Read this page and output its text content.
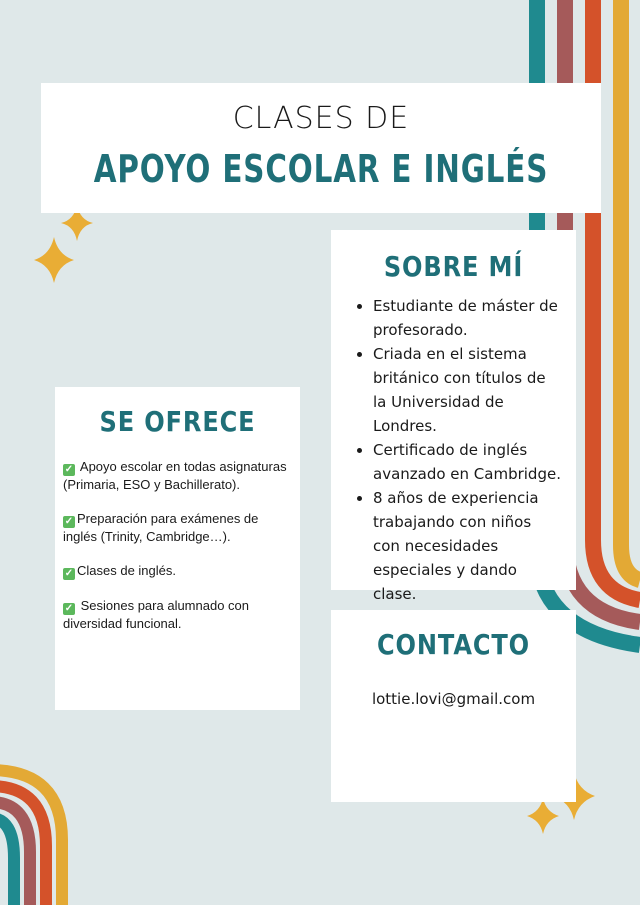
CLASES DE
APOYO ESCOLAR E INGLÉS
SOBRE MÍ
• Estudiante de máster de profesorado.
• Criada en el sistema británico con títulos de la Universidad de Londres.
• Certificado de inglés avanzado en Cambridge.
• 8 años de experiencia trabajando con niños con necesidades especiales y dando clase.
SE OFRECE
✓ Apoyo escolar en todas asignaturas (Primaria, ESO y Bachillerato).
✓ Preparación para exámenes de inglés (Trinity, Cambridge…).
✓ Clases de inglés.
✓ Sesiones para alumnado con diversidad funcional.
CONTACTO
lottie.lovi@gmail.com
